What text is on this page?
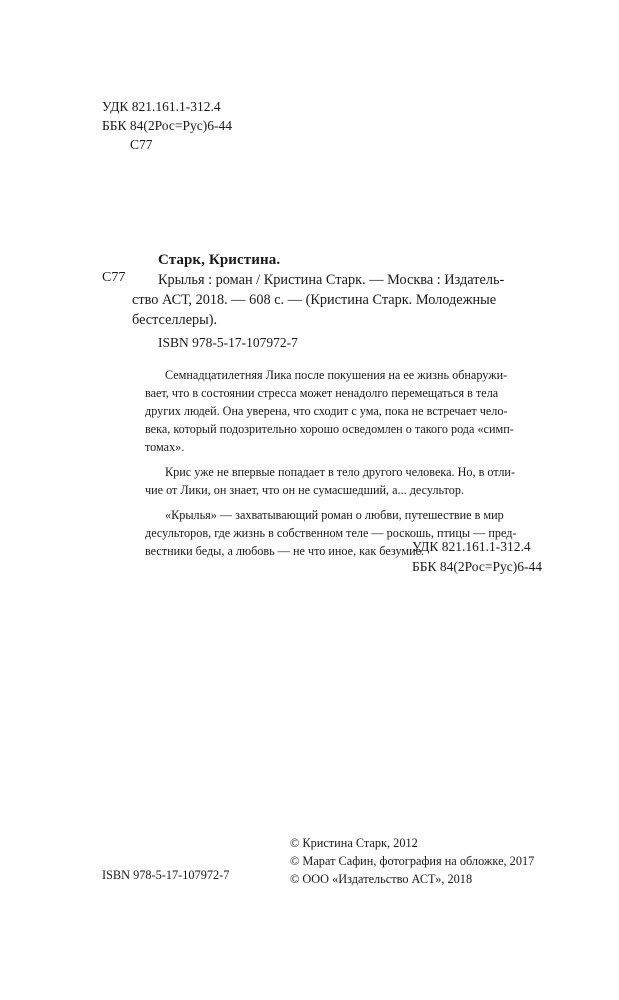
УДК 821.161.1-312.4
ББК 84(2Рос=Рус)6-44
С77
Старк, Кристина.
С77	Крылья : роман / Кристина Старк. — Москва : Издатель-
ство АСТ, 2018. — 608 с. — (Кристина Старк. Молодежные
бестселлеры).
ISBN 978-5-17-107972-7
Семнадцатилетняя Лика после покушения на ее жизнь обнаружи-
вает, что в состоянии стресса может ненадолго перемещаться в тела
других людей. Она уверена, что сходит с ума, пока не встречает чело-
века, который подозрительно хорошо осведомлен о такого рода «симп-
томах».
Крис уже не впервые попадает в тело другого человека. Но, в отли-
чие от Лики, он знает, что он не сумасшедший, а... десультор.
«Крылья» — захватывающий роман о любви, путешествие в мир
десульторов, где жизнь в собственном теле — роскошь, птицы — пред-
вестники беды, а любовь — не что иное, как безумие.
УДК 821.161.1-312.4
ББК 84(2Рос=Рус)6-44
© Кристина Старк, 2012
© Марат Сафин, фотография на обложке, 2017
© ООО «Издательство АСТ», 2018
ISBN 978-5-17-107972-7
